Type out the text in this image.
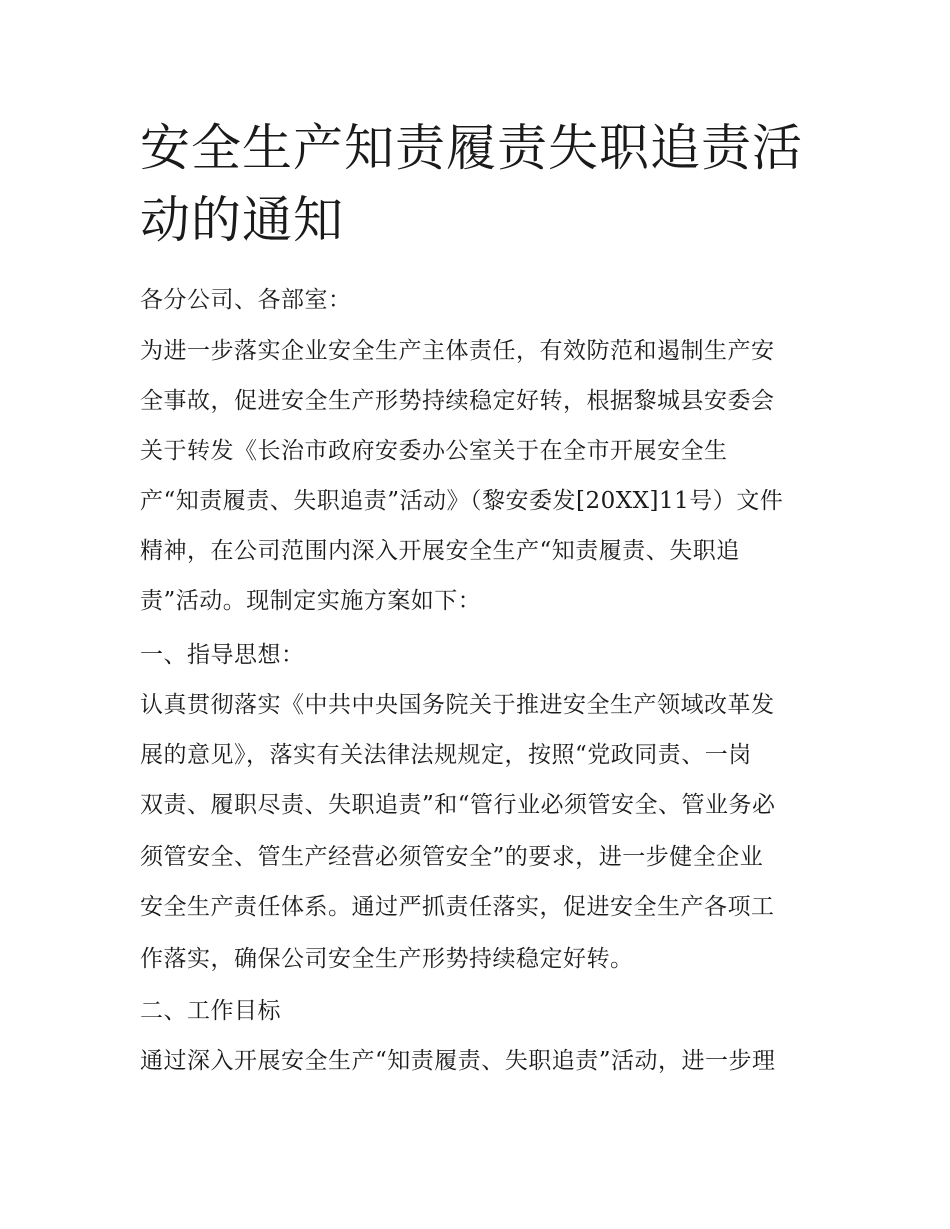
安全生产知责履责失职追责活
动的通知

各分公司、各部室：

为进一步落实企业安全生产主体责任，有效防范和遏制生产安

全事故，促进安全生产形势持续稳定好转，根据黎城县安委会

关于转发《长治市政府安委办公室关于在全市开展安全生

产“知责履责、失职追责”活动》（黎安委发[20XX]11号）文件

精神，在公司范围内深入开展安全生产“知责履责、失职追

责”活动。现制定实施方案如下：

一、指导思想：

认真贯彻落实《中共中央国务院关于推进安全生产领域改革发

展的意见》，落实有关法律法规规定，按照“党政同责、一岗

双责、履职尽责、失职追责”和“管行业必须管安全、管业务必

须管安全、管生产经营必须管安全”的要求，进一步健全企业

安全生产责任体系。通过严抓责任落实，促进安全生产各项工

作落实，确保公司安全生产形势持续稳定好转。

二、工作目标

通过深入开展安全生产“知责履责、失职追责”活动，进一步理
